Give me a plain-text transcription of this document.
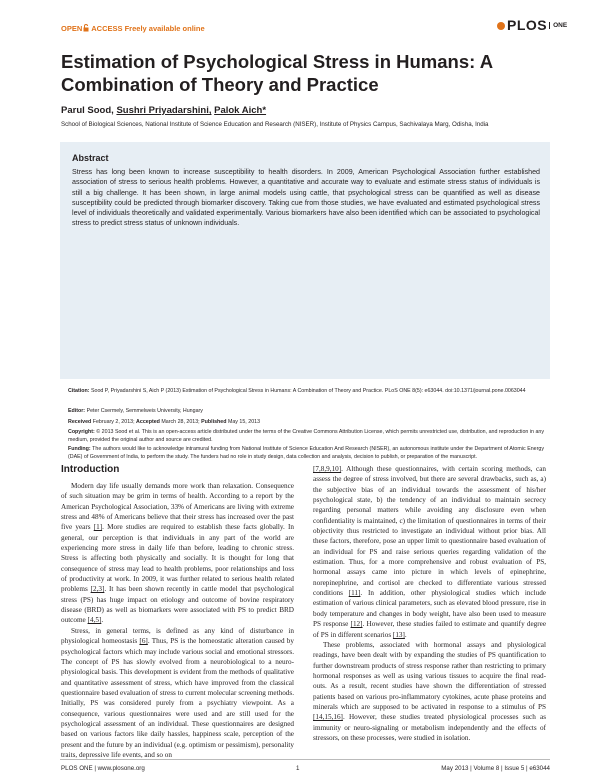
OPEN ACCESS Freely available online	PLOS $^{ONE}$
Estimation of Psychological Stress in Humans: A Combination of Theory and Practice
Parul Sood, Sushri Priyadarshini, Palok Aich*
School of Biological Sciences, National Institute of Science Education and Research (NISER), Institute of Physics Campus, Sachivalaya Marg, Odisha, India
Abstract
Stress has long been known to increase susceptibility to health disorders. In 2009, American Psychological Association further established association of stress to serious health problems. However, a quantitative and accurate way to evaluate and estimate stress status of individuals is still a big challenge. It has been shown, in large animal models using cattle, that psychological stress can be quantified as well as disease susceptibility could be predicted through biomarker discovery. Taking cue from those studies, we have evaluated and estimated psychological stress level of individuals theoretically and validated experimentally. Various biomarkers have also been identified which can be associated to psychological stress to predict stress status of unknown individuals.
Citation: Sood P, Priyadarshini S, Aich P (2013) Estimation of Psychological Stress in Humans: A Combination of Theory and Practice. PLoS ONE 8(5): e63044. doi:10.1371/journal.pone.0063044
Editor: Peter Csermely, Semmelweis University, Hungary
Received February 2, 2013; Accepted March 28, 2013; Published May 15, 2013
Copyright: © 2013 Sood et al. This is an open-access article distributed under the terms of the Creative Commons Attribution License, which permits unrestricted use, distribution, and reproduction in any medium, provided the original author and source are credited.
Funding: The authors would like to acknowledge intramural funding from National Institute of Science Education And Research (NISER), an autonomous institute under the Department of Atomic Energy (DAE) of Government of India, to perform the study. The funders had no role in study design, data collection and analysis, decision to publish, or preparation of the manuscript.
Introduction

Modern day life usually demands more work than relaxation. Consequence of such situation may be grim in terms of health. According to a report by the American Psychological Association, 33% of Americans are living with extreme stress and 48% of Americans believe that their stress has increased over the past five years [1]. More studies are required to establish these facts globally. In general, our perception is that individuals in any part of the world are experiencing more stress in daily life than before, leading to chronic stress. Stress is affecting both physically and socially. It is thought for long that consequence of stress may lead to health problems, poor relationships and loss of productivity at work. In 2009, it was further related to serious health related problems [2,3]. It has been shown recently in cattle model that psychological stress (PS) has huge impact on etiology and outcome of bovine respiratory disease (BRD) as well as biomarkers were associated with PS to predict BRD outcome [4,5].

Stress, in general terms, is defined as any kind of disturbance in physiological homeostasis [6]. Thus, PS is the homeostatic alteration caused by psychological factors which may include various social and emotional stressors. The concept of PS has slowly evolved from a neurobiological to a neuro-physiological basis. This development is evident from the methods of qualitative and quantitative assessment of stress, which have improved from the classical questionnaire based evaluation of stress to current molecular screening methods. Initially, PS was considered purely from a psychiatry viewpoint. As a consequence, various questionnaires were used and are still used for the psychological assessment of an individual. These questionnaires are designed based on various factors like daily hassles, happiness scale, perception of the present and the future by an individual (e.g. optimism or pessimism), personality traits, depressive life events, and so on

[7,8,9,10]. Although these questionnaires, with certain scoring methods, can assess the degree of stress involved, but there are several drawbacks, such as, a) the subjective bias of an individual towards the assessment of his/her psychological state, b) the tendency of an individual to maintain secrecy regarding personal matters while avoiding any disclosure even when confidentiality is maintained, c) the limitation of questionnaires in terms of their objectivity thus restricted to investigate an individual without prior bias. All these factors, therefore, pose an upper limit to questionnaire based evaluation of an individual for PS and raise serious queries regarding validation of the estimation. Thus, for a more comprehensive and robust evaluation of PS, hormonal assays came into picture in which levels of epinephrine, norepinephrine, and cortisol are checked to differentiate various stressed conditions [11]. In addition, other physiological studies which include estimation of various clinical parameters, such as elevated blood pressure, rise in body temperature and changes in body weight, have also been used to measure PS response [12]. However, these studies failed to estimate and quantify degree of PS in different scenarios [13].

These problems, associated with hormonal assays and physiological readings, have been dealt with by expanding the studies of PS quantification to further downstream products of stress response rather than restricting to primary hormonal responses as well as using various tissues to acquire the final read-outs. As a result, recent studies have shown the differentiation of stressed patients based on various pro-inflammatory cytokines, acute phase proteins and minerals which are supposed to be activated in response to a stimulus of PS [14,15,16]. However, these studies treated physiological processes such as immunity or neuro-signaling or metabolism independently and the effects of stressors, on these processes, were studied in isolation.

PLOS ONE | www.plosone.org	1	May 2013 | Volume 8 | Issue 5 | e63044
